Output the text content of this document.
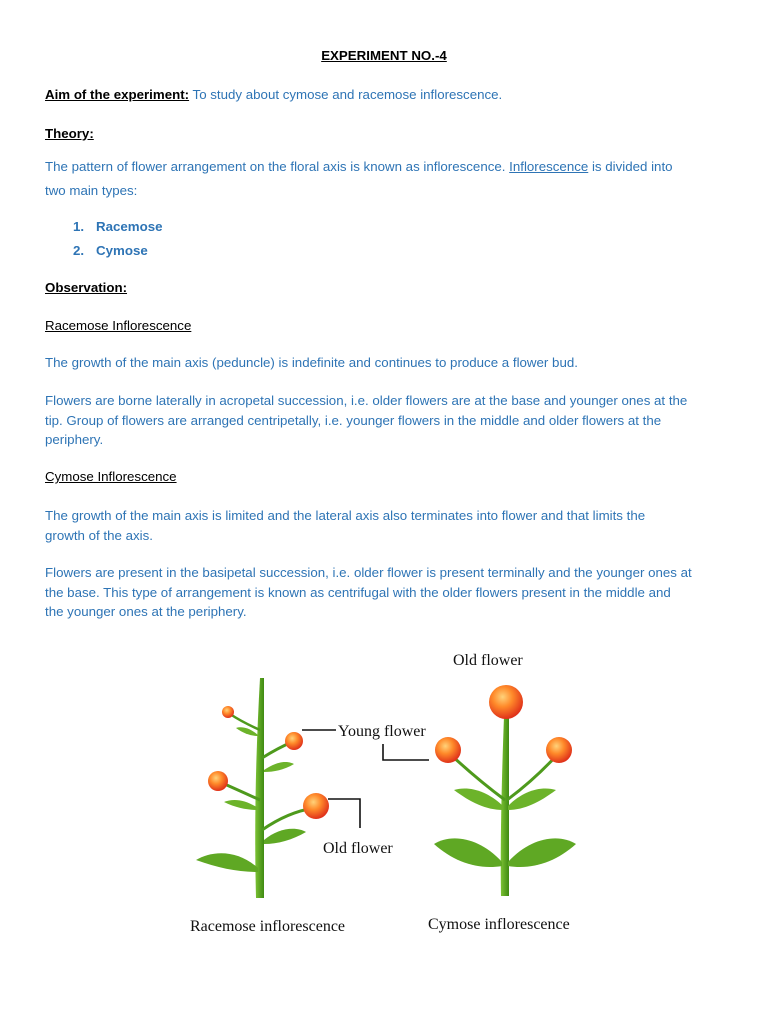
EXPERIMENT NO.-4
Aim of the experiment: To study about cymose and racemose inflorescence.
Theory:
The pattern of flower arrangement on the floral axis is known as inflorescence. Inflorescence is divided into
two main types:
1. Racemose
2. Cymose
Observation:
Racemose Inflorescence
The growth of the main axis (peduncle) is indefinite and continues to produce a flower bud.
Flowers are borne laterally in acropetal succession, i.e. older flowers are at the base and younger ones at the
tip. Group of flowers are arranged centripetally, i.e. younger flowers in the middle and older flowers at the
periphery.
Cymose Inflorescence
The growth of the main axis is limited and the lateral axis also terminates into flower and that limits the
growth of the axis.
Flowers are present in the basipetal succession, i.e. older flower is present terminally and the younger ones at
the base. This type of arrangement is known as centrifugal with the older flowers present in the middle and
the younger ones at the periphery.
Old flower
Young flower
Old flower
Racemose inflorescence	Cymose inflorescence
